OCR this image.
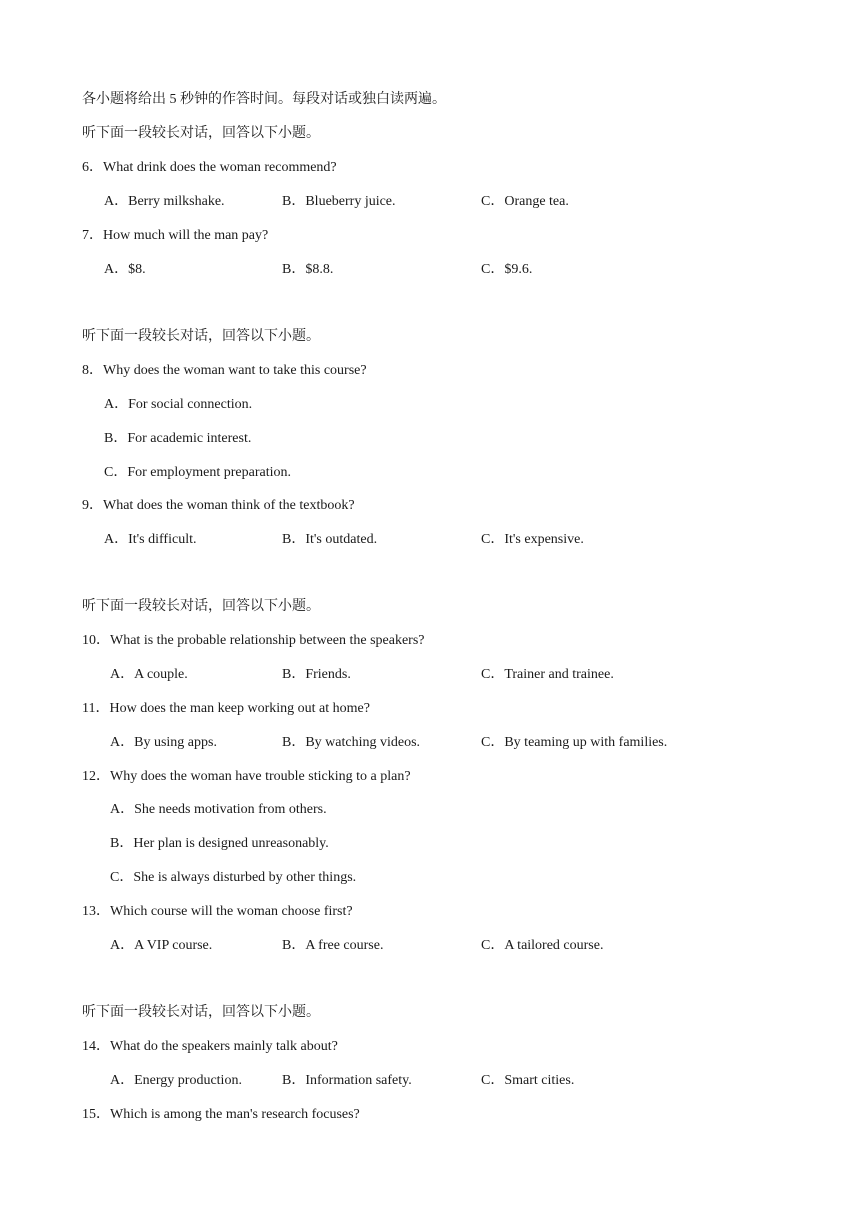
各小题将给出 5 秒钟的作答时间。每段对话或独白读两遍。
听下面一段较长对话，回答以下小题。
6．What drink does the woman recommend?
A．Berry milkshake.	B．Blueberry juice.	C．Orange tea.
7．How much will the man pay?
A．$8.	B．$8.8.	C．$9.6.
听下面一段较长对话，回答以下小题。
8．Why does the woman want to take this course?
A．For social connection.
B．For academic interest.
C．For employment preparation.
9．What does the woman think of the textbook?
A．It's difficult.	B．It's outdated.	C．It's expensive.
听下面一段较长对话，回答以下小题。
10．What is the probable relationship between the speakers?
A．A couple.	B．Friends.	C．Trainer and trainee.
11．How does the man keep working out at home?
A．By using apps.	B．By watching videos.	C．By teaming up with families.
12．Why does the woman have trouble sticking to a plan?
A．She needs motivation from others.
B．Her plan is designed unreasonably.
C．She is always disturbed by other things.
13．Which course will the woman choose first?
A．A VIP course.	B．A free course.	C．A tailored course.
听下面一段较长对话，回答以下小题。
14．What do the speakers mainly talk about?
A．Energy production.	B．Information safety.	C．Smart cities.
15．Which is among the man's research focuses?
